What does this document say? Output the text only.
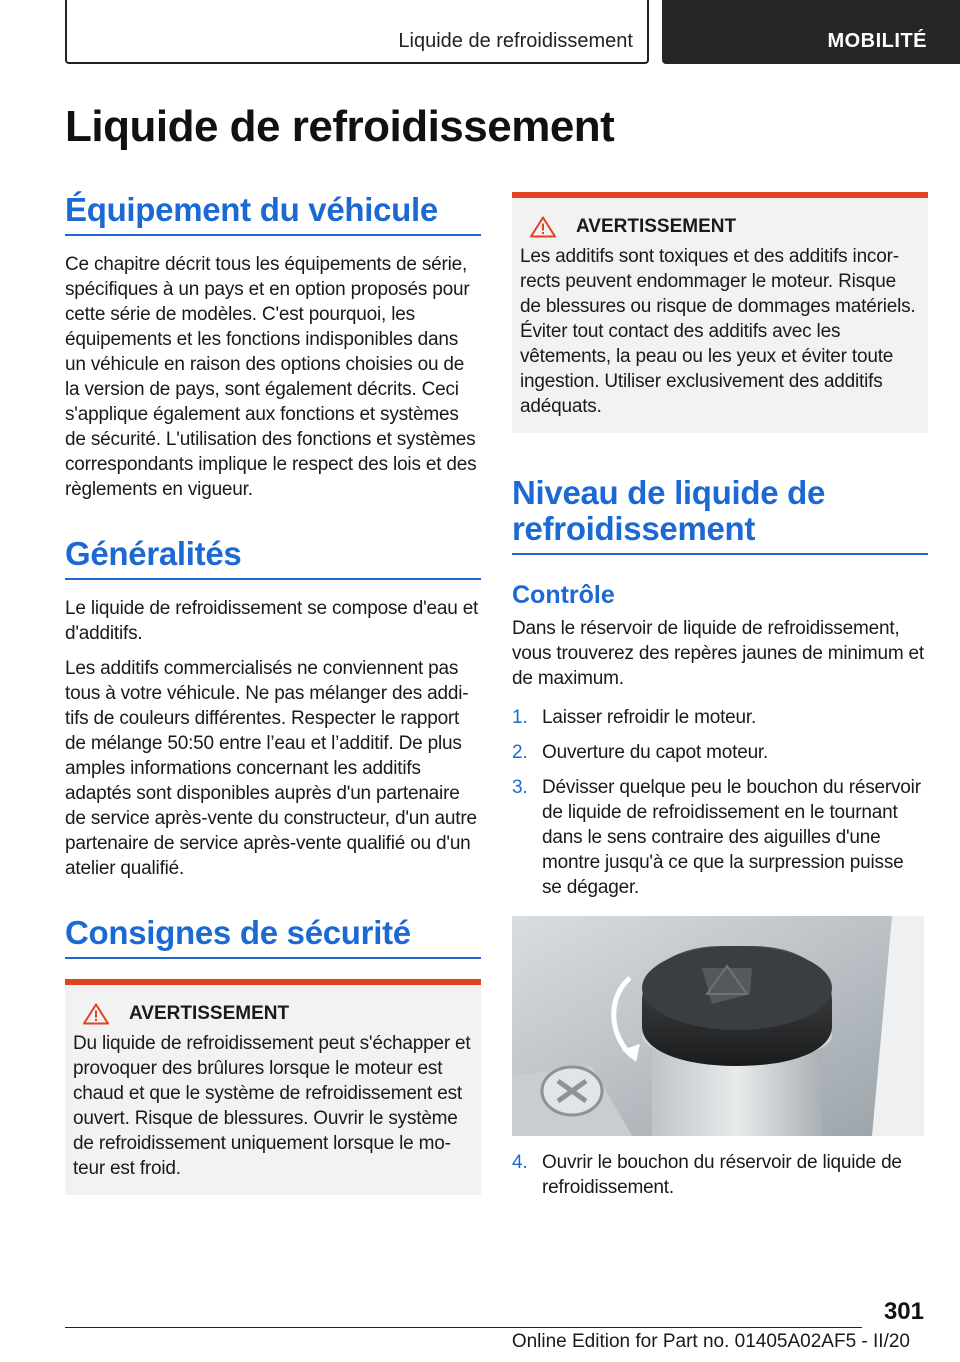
Liquide de refroidissement	MOBILITÉ
Liquide de refroidissement
Équipement du véhicule

Ce chapitre décrit tous les équipements de série, spécifiques à un pays et en option proposés pour cette série de modèles. C'est pourquoi, les équipements et les fonctions indisponibles dans un véhicule en raison des options choisies ou de la version de pays, sont également décrits. Ceci s'applique également aux fonctions et systèmes de sécurité. L'utilisation des fonctions et systèmes correspondants implique le respect des lois et des règlements en vigueur.

Généralités

Le liquide de refroidissement se compose d'eau et d'additifs.

Les additifs commercialisés ne conviennent pas tous à votre véhicule. Ne pas mélanger des additifs de couleurs différentes. Respecter le rapport de mélange 50:50 entre l’eau et l’additif. De plus amples informations concernant les additifs adaptés sont disponibles auprès d'un partenaire de service après-vente du constructeur, d'un autre partenaire de service après-vente qualifié ou d'un atelier qualifié.

Consignes de sécurité
AVERTISSEMENT
Du liquide de refroidissement peut s'échapper et provoquer des brûlures lorsque le moteur est chaud et que le système de refroidissement est ouvert. Risque de blessures. Ouvrir le système de refroidissement uniquement lorsque le moteur est froid.
AVERTISSEMENT
Les additifs sont toxiques et des additifs incorrects peuvent endommager le moteur. Risque de blessures ou risque de dommages matériels. Éviter tout contact des additifs avec les vêtements, la peau ou les yeux et éviter toute ingestion. Utiliser exclusivement des additifs adéquats.
Niveau de liquide de refroidissement
Contrôle

Dans le réservoir de liquide de refroidissement, vous trouverez des repères jaunes de minimum et de maximum.

1. Laisser refroidir le moteur.
2. Ouverture du capot moteur.
3. Dévisser quelque peu le bouchon du réservoir de liquide de refroidissement en le tournant dans le sens contraire des aiguilles d'une montre jusqu'à ce que la surpression puisse se dégager.
4. Ouvrir le bouchon du réservoir de liquide de refroidissement.
301
Online Edition for Part no. 01405A02AF5 - II/20
